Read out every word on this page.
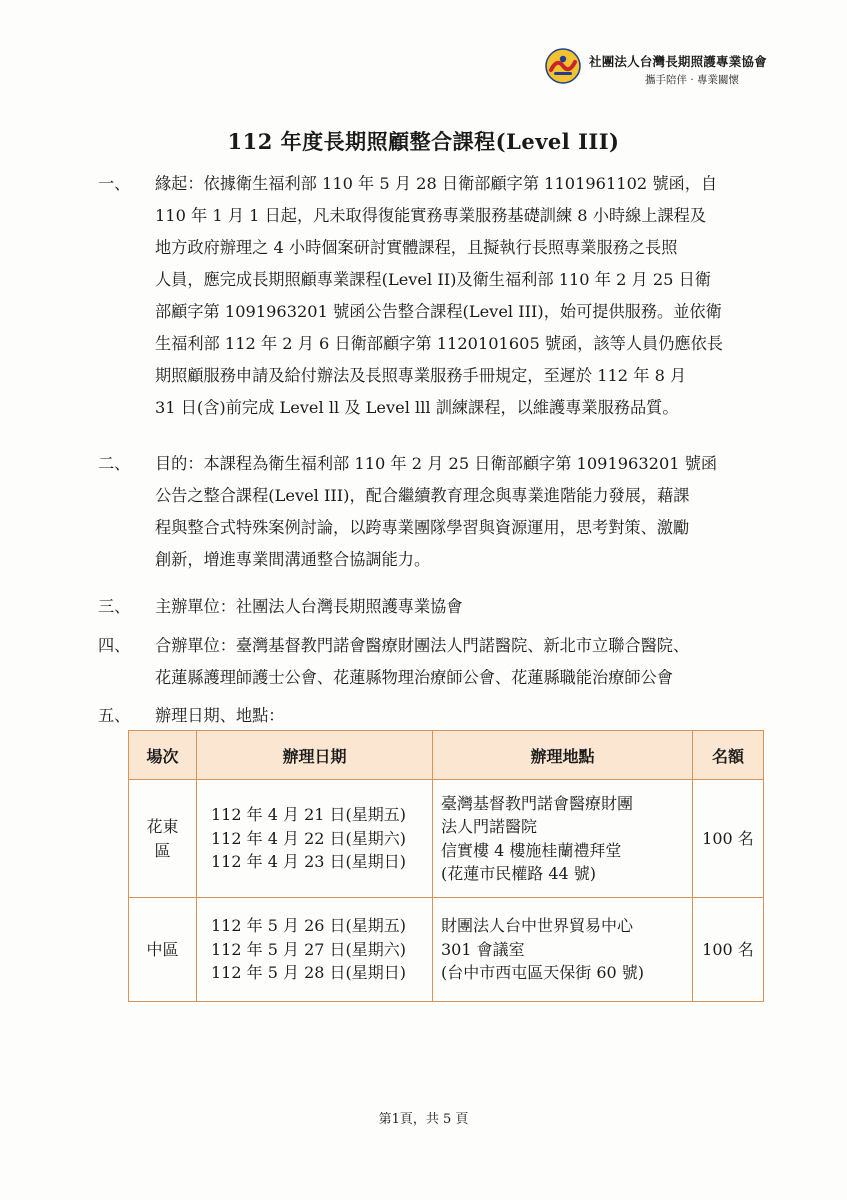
社團法人台灣長期照護專業協會
攜手陪伴 · 專業關懷
112 年度長期照顧整合課程(Level III)
一、 緣起：依據衛生福利部 110 年 5 月 28 日衛部顧字第 1101961102 號函，自
110 年 1 月 1 日起，凡未取得復能實務專業服務基礎訓練 8 小時線上課程及
地方政府辦理之 4 小時個案研討實體課程，且擬執行長照專業服務之長照
人員，應完成長期照顧專業課程(Level II)及衛生福利部 110 年 2 月 25 日衛
部顧字第 1091963201 號函公告整合課程(Level III)，始可提供服務。並依衛
生福利部 112 年 2 月 6 日衛部顧字第 1120101605 號函，該等人員仍應依長
期照顧服務申請及給付辦法及長照專業服務手冊規定，至遲於 112 年 8 月
31 日(含)前完成 Level ll 及 Level lll 訓練課程，以維護專業服務品質。
二、 目的：本課程為衛生福利部 110 年 2 月 25 日衛部顧字第 1091963201 號函
公告之整合課程(Level III)，配合繼續教育理念與專業進階能力發展，藉課
程與整合式特殊案例討論，以跨專業團隊學習與資源運用，思考對策、激勵
創新，增進專業間溝通整合協調能力。
三、 主辦單位：社團法人台灣長期照護專業協會
四、 合辦單位：臺灣基督教門諾會醫療財團法人門諾醫院、新北市立聯合醫院、
花蓮縣護理師護士公會、花蓮縣物理治療師公會、花蓮縣職能治療師公會
五、 辦理日期、地點：
場次	辦理日期	辦理地點	名額
花東
區	112 年 4 月 21 日(星期五)
112 年 4 月 22 日(星期六)
112 年 4 月 23 日(星期日)	臺灣基督教門諾會醫療財團
法人門諾醫院
信實樓 4 樓施桂蘭禮拜堂
(花蓮市民權路 44 號)	100 名
中區	112 年 5 月 26 日(星期五)
112 年 5 月 27 日(星期六)
112 年 5 月 28 日(星期日)	財團法人台中世界貿易中心
301 會議室
(台中市西屯區天保街 60 號)	100 名
第1頁，共 5 頁
